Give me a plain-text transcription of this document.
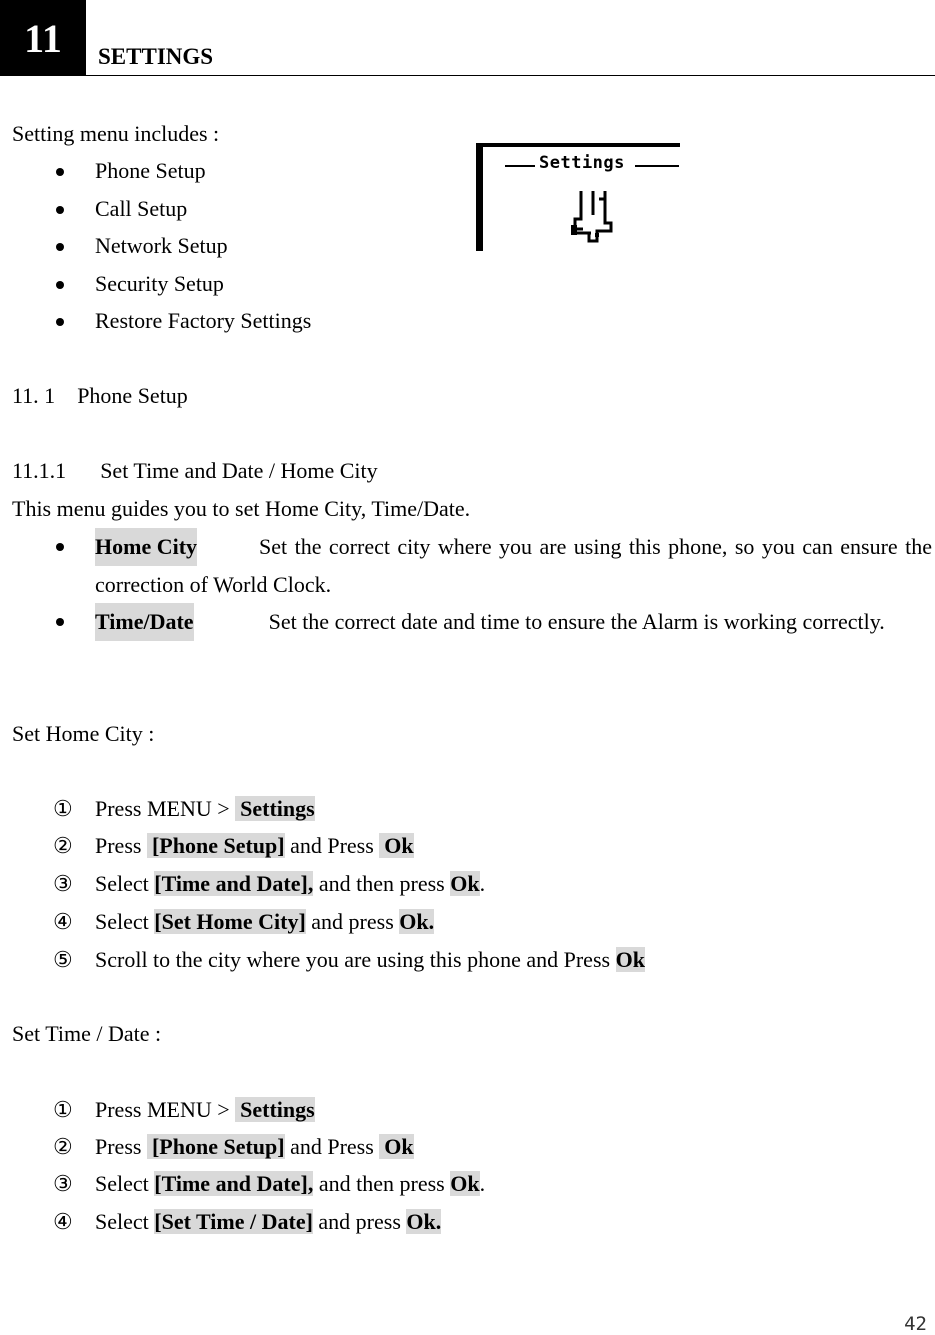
11 SETTINGS
Setting menu includes :
Phone Setup
Call Setup
Network Setup
Security Setup
Restore Factory Settings
Settings
11. 1 Phone Setup
11.1.1 Set Time and Date / Home City
This menu guides you to set Home City, Time/Date.
Home City	Set the correct city where you are using this phone, so you can ensure the correction of World Clock.
Time/Date	Set the correct date and time to ensure the Alarm is working correctly.
Set Home City :
① Press MENU > Settings
② Press [Phone Setup] and Press Ok
③ Select [Time and Date], and then press Ok.
④ Select [Set Home City] and press Ok.
⑤ Scroll to the city where you are using this phone and Press Ok
Set Time / Date :
① Press MENU > Settings
② Press [Phone Setup] and Press Ok
③ Select [Time and Date], and then press Ok.
④ Select [Set Time / Date] and press Ok.
42
